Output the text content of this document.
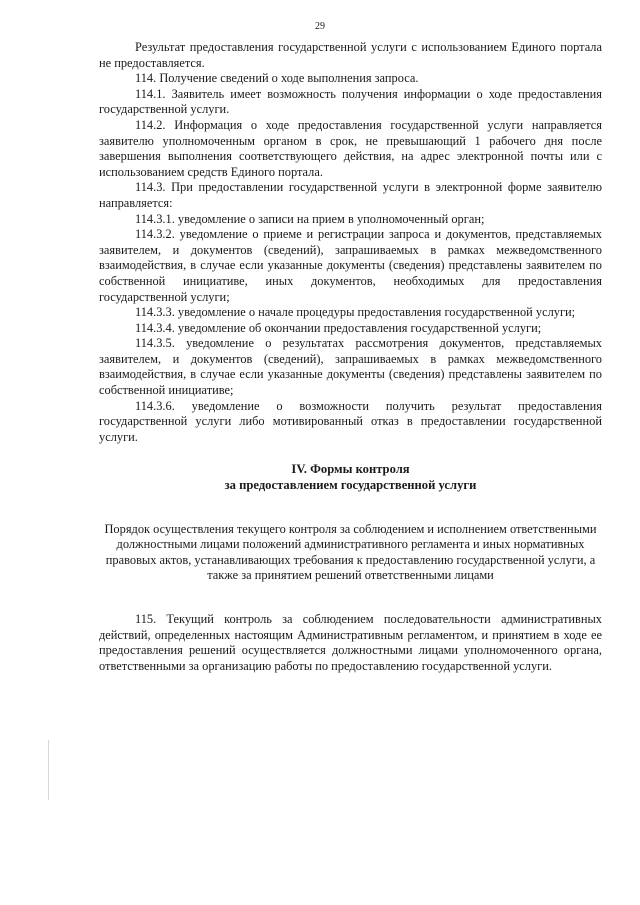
29

Результат предоставления государственной услуги с использованием Единого портала не предоставляется.

114. Получение сведений о ходе выполнения запроса.

114.1. Заявитель имеет возможность получения информации о ходе предоставления государственной услуги.

114.2. Информация о ходе предоставления государственной услуги направляется заявителю уполномоченным органом в срок, не превышающий 1 рабочего дня после завершения выполнения соответствующего действия, на адрес электронной почты или с использованием средств Единого портала.

114.3. При предоставлении государственной услуги в электронной форме заявителю направляется:

114.3.1. уведомление о записи на прием в уполномоченный орган;

114.3.2. уведомление о приеме и регистрации запроса и документов, представляемых заявителем, и документов (сведений), запрашиваемых в рамках межведомственного взаимодействия, в случае если указанные документы (сведения) представлены заявителем по собственной инициативе, иных документов, необходимых для предоставления государственной услуги;

114.3.3. уведомление о начале процедуры предоставления государственной услуги;

114.3.4. уведомление об окончании предоставления государственной услуги;

114.3.5. уведомление о результатах рассмотрения документов, представляемых заявителем, и документов (сведений), запрашиваемых в рамках межведомственного взаимодействия, в случае если указанные документы (сведения) представлены заявителем по собственной инициативе;

114.3.6. уведомление о возможности получить результат предоставления государственной услуги либо мотивированный отказ в предоставлении государственной услуги.

IV. Формы контроля
за предоставлением государственной услуги
Порядок осуществления текущего контроля за соблюдением и исполнением ответственными должностными лицами положений административного регламента и иных нормативных правовых актов, устанавливающих требования к предоставлению государственной услуги, а также за принятием решений ответственными лицами

115. Текущий контроль за соблюдением последовательности административных действий, определенных настоящим Административным регламентом, и принятием в ходе ее предоставления решений осуществляется должностными лицами уполномоченного органа, ответственными за организацию работы по предоставлению государственной услуги.
